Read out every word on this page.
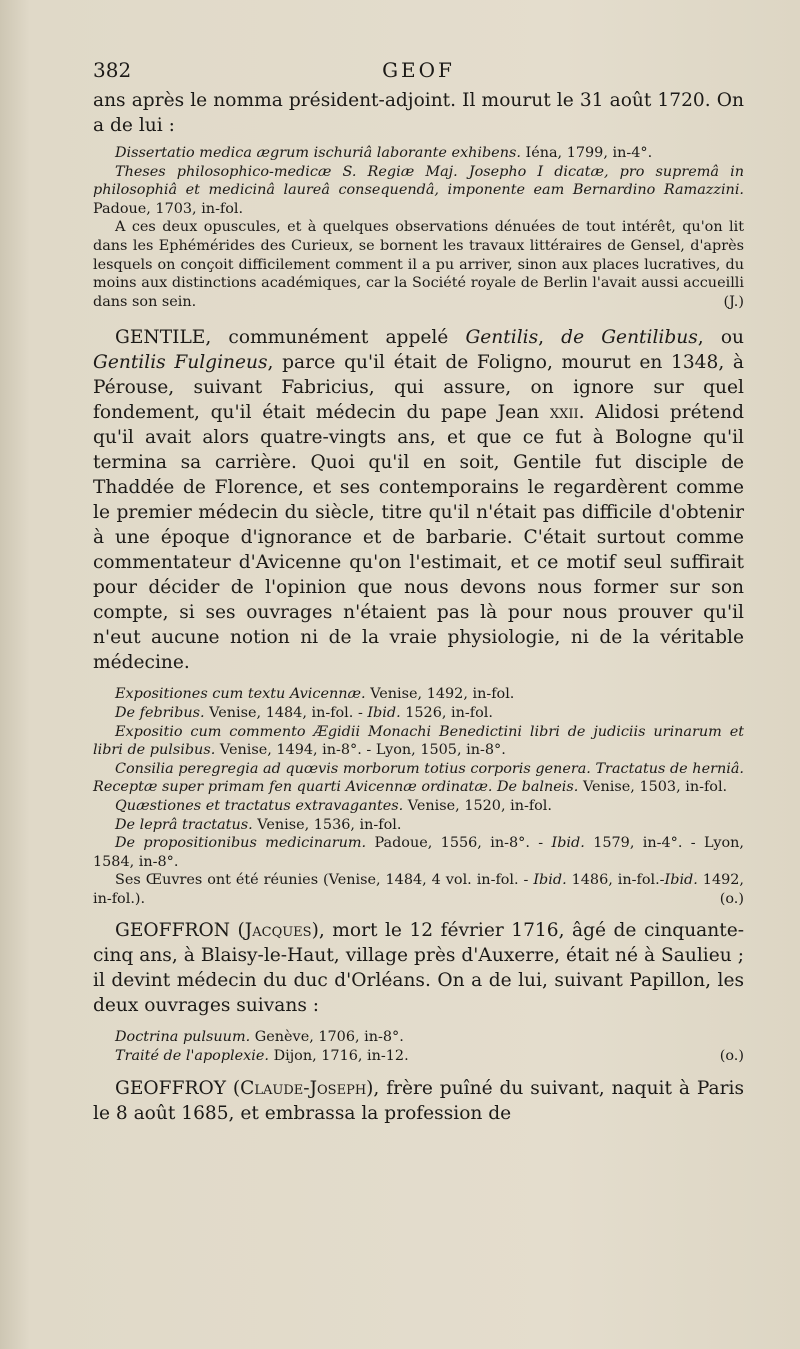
382	GEOF

ans après le nomma président-adjoint. Il mourut le 31 août 1720. On a de lui :

Dissertatio medica ægrum ischuriâ laborante exhibens. Iéna, 1799, in-4°.

Theses philosophico-medicæ S. Regiæ Maj. Josepho I dicatæ, pro supremâ in philosophiâ et medicinâ laureâ consequendâ, imponente eam Bernardino Ramazzini. Padoue, 1703, in-fol.

A ces deux opuscules, et à quelques observations dénuées de tout intérêt, qu'on lit dans les Ephémérides des Curieux, se bornent les travaux littéraires de Gensel, d'après lesquels on conçoit difficilement comment il a pu arriver, sinon aux places lucratives, du moins aux distinctions académiques, car la Société royale de Berlin l'avait aussi accueilli dans son sein.	(J.)

GENTILE, communément appelé Gentilis, de Gentilibus, ou Gentilis Fulgineus, parce qu'il était de Foligno, mourut en 1348, à Pérouse, suivant Fabricius, qui assure, on ignore sur quel fondement, qu'il était médecin du pape Jean xxii. Alidosi prétend qu'il avait alors quatre-vingts ans, et que ce fut à Bologne qu'il termina sa carrière. Quoi qu'il en soit, Gentile fut disciple de Thaddée de Florence, et ses contemporains le regardèrent comme le premier médecin du siècle, titre qu'il n'était pas difficile d'obtenir à une époque d'ignorance et de barbarie. C'était surtout comme commentateur d'Avicenne qu'on l'estimait, et ce motif seul suffirait pour décider de l'opinion que nous devons nous former sur son compte, si ses ouvrages n'étaient pas là pour nous prouver qu'il n'eut aucune notion ni de la vraie physiologie, ni de la véritable médecine.

Expositiones cum textu Avicennæ. Venise, 1492, in-fol.

De febribus. Venise, 1484, in-fol. - Ibid. 1526, in-fol.

Expositio cum commento Ægidii Monachi Benedictini libri de judiciis urinarum et libri de pulsibus. Venise, 1494, in-8°. - Lyon, 1505, in-8°.

Consilia peregregia ad quœvis morborum totius corporis genera. Tractatus de herniâ. Receptæ super primam fen quarti Avicennæ ordinatæ. De balneis. Venise, 1503, in-fol.

Quæstiones et tractatus extravagantes. Venise, 1520, in-fol.

De leprâ tractatus. Venise, 1536, in-fol.

De propositionibus medicinarum. Padoue, 1556, in-8°. - Ibid. 1579, in-4°. - Lyon, 1584, in-8°.

Ses Œuvres ont été réunies (Venise, 1484, 4 vol. in-fol. - Ibid. 1486, in-fol.-Ibid. 1492, in-fol.).	(o.)

GEOFFRON (Jacques), mort le 12 février 1716, âgé de cinquante-cinq ans, à Blaisy-le-Haut, village près d'Auxerre, était né à Saulieu ; il devint médecin du duc d'Orléans. On a de lui, suivant Papillon, les deux ouvrages suivans :

Doctrina pulsuum. Genève, 1706, in-8°.

Traité de l'apoplexie. Dijon, 1716, in-12.	(o.)

GEOFFROY (Claude-Joseph), frère puîné du suivant, naquit à Paris le 8 août 1685, et embrassa la profession de
